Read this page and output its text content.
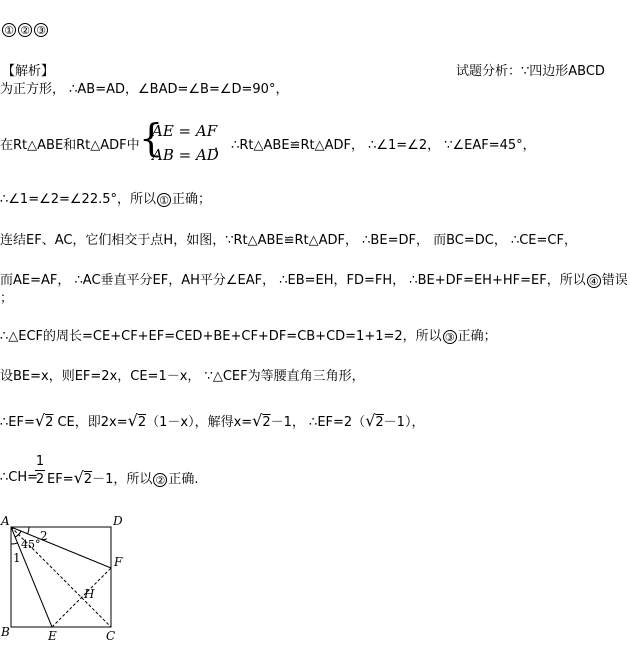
① ② ③
【解析】	试题分析：∵四边形ABCD
为正方形， ∴AB=AD，∠BAD=∠B=∠D=90°，
在Rt△ABE和Rt△ADF中 {
AE = AF
AB = AD
， ∴Rt△ABE≌Rt△ADF， ∴∠1=∠2， ∵∠EAF=45°，
∴∠1=∠2=∠22.5°，所以 ① 正确；
连结EF、AC，它们相交于点H，如图，∵Rt△ABE≌Rt△ADF， ∴BE=DF， 而BC=DC， ∴CE=CF，
而AE=AF， ∴AC垂直平分EF，AH平分∠EAF， ∴EB=EH，FD=FH， ∴BE+DF=EH+HF=EF，所以 ④ 错误
；
∴△ECF的周长=CE+CF+EF=CED+BE+CF+DF=CB+CD=1+1=2，所以 ③ 正确；
设BE=x，则EF=2x，CE=1－x， ∵△CEF为等腰直角三角形，
∴EF=√2 CE，即2x=√2（1－x），解得x=√2－1， ∴EF=2（√2－1），
∴CH=
1
2 EF=√2－1，所以 ② 正确.
A	D
B	C
E
F
H
2
45°
1
